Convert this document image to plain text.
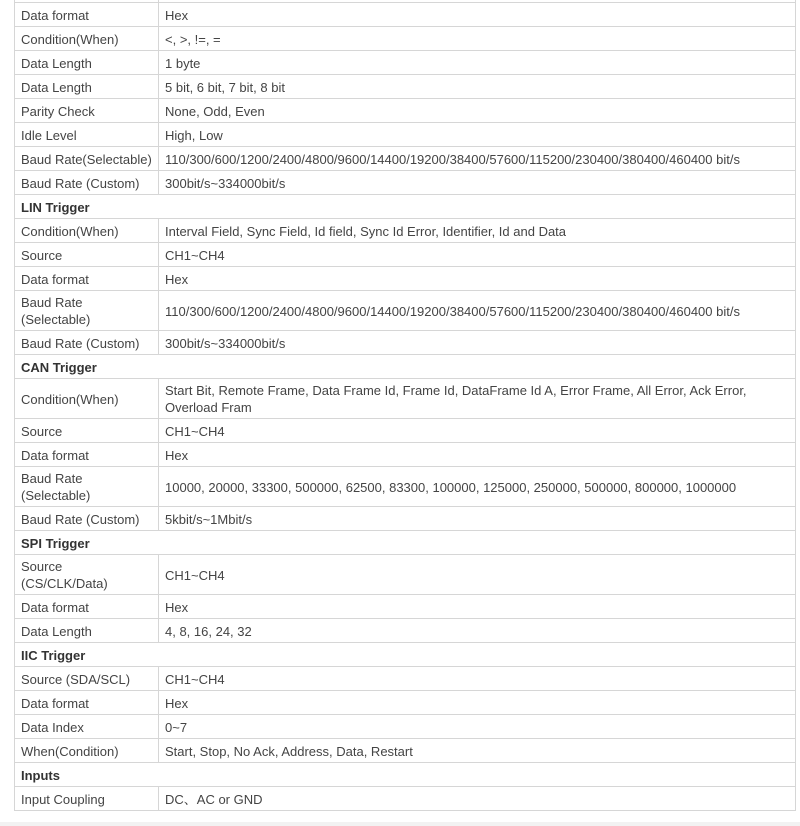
Data format	Hex
Condition(When)	<, >, !=, =
Data Length	1 byte
Data Length	5 bit, 6 bit, 7 bit, 8 bit
Parity Check	None, Odd, Even
Idle Level	High, Low
Baud Rate(Selectable)	110/300/600/1200/2400/4800/9600/14400/19200/38400/57600/115200/230400/380400/460400 bit/s
Baud Rate (Custom)	300bit/s~334000bit/s
LIN Trigger	
Condition(When)	Interval Field, Sync Field, Id field, Sync Id Error, Identifier, Id and Data
Source	CH1~CH4
Data format	Hex
Baud Rate (Selectable)	110/300/600/1200/2400/4800/9600/14400/19200/38400/57600/115200/230400/380400/460400 bit/s
Baud Rate (Custom)	300bit/s~334000bit/s
CAN Trigger	
Condition(When)	Start Bit, Remote Frame, Data Frame Id, Frame Id, DataFrame Id A, Error Frame, All Error, Ack Error, Overload Fram
Source	CH1~CH4
Data format	Hex
Baud Rate (Selectable)	10000, 20000, 33300, 500000, 62500, 83300, 100000, 125000, 250000, 500000, 800000, 1000000
Baud Rate (Custom)	5kbit/s~1Mbit/s
SPI Trigger	
Source (CS/CLK/Data)	CH1~CH4
Data format	Hex
Data Length	4, 8, 16, 24, 32
IIC Trigger	
Source (SDA/SCL)	CH1~CH4
Data format	Hex
Data Index	0~7
When(Condition)	Start, Stop, No Ack, Address, Data, Restart
Inputs	
Input Coupling	DC、AC or GND
